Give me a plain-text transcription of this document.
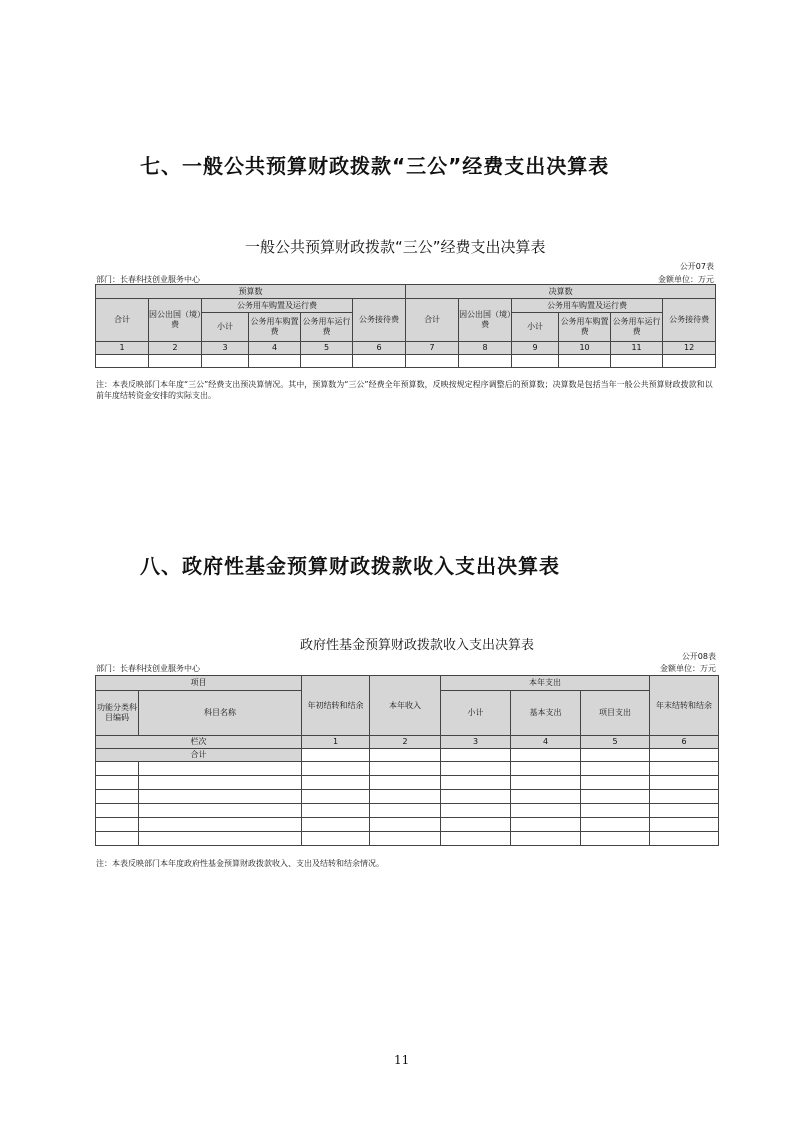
七、一般公共预算财政拨款“三公”经费支出决算表
一般公共预算财政拨款“三公”经费支出决算表
公开07表
部门：长春科技创业服务中心	金额单位：万元
预算数						决算数					
合计	因公出国（境）费	公务用车购置及运行费			公务接待费	合计	因公出国（境）费	公务用车购置及运行费			公务接待费
		小计	公务用车购置费	公务用车运行费				小计	公务用车购置费	公务用车运行费	
1	2	3	4	5	6	7	8	9	10	11	12

注：本表反映部门本年度“三公”经费支出预决算情况。其中，预算数为“三公”经费全年预算数，反映按规定程序调整后的预算数；决算数是包括当年一般公共预算财政拨款和以前年度结转资金安排的实际支出。
八、政府性基金预算财政拨款收入支出决算表
政府性基金预算财政拨款收入支出决算表
公开08表
部门：长春科技创业服务中心	金额单位：万元
项目		年初结转和结余	本年收入	本年支出			年末结转和结余
功能分类科目编码	科目名称			小计	基本支出	项目支出	
栏次		1	2	3	4	5	6
合计							

注：本表反映部门本年度政府性基金预算财政拨款收入、支出及结转和结余情况。
11
